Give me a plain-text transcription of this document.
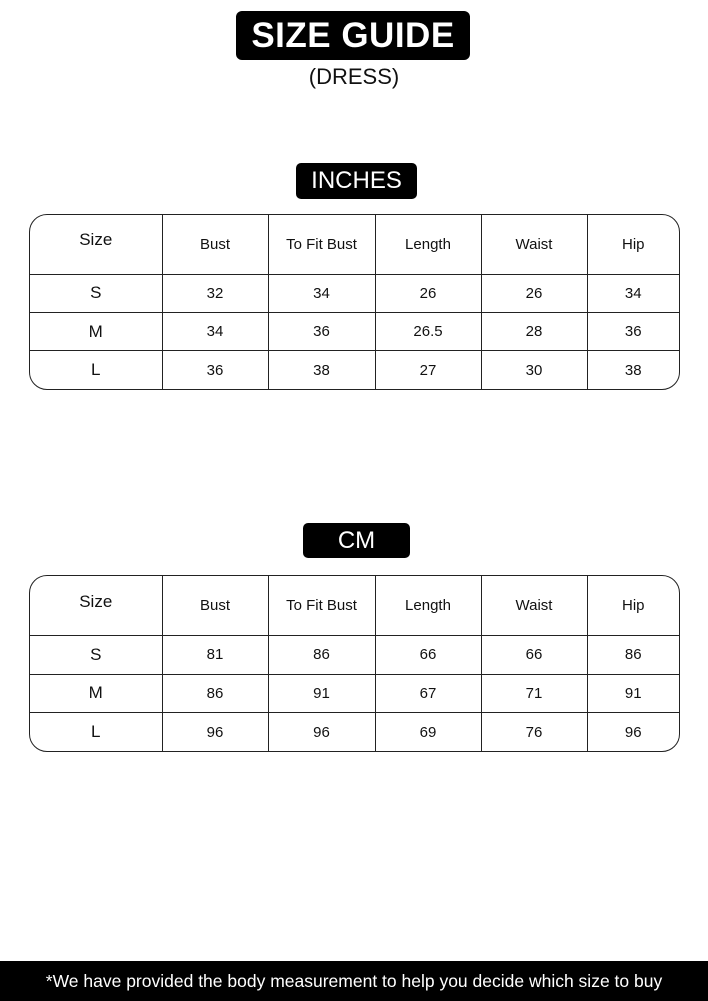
SIZE GUIDE
(DRESS)
INCHES
Size	Bust	To Fit Bust	Length	Waist	Hip
S	32	34	26	26	34
M	34	36	26.5	28	36
L	36	38	27	30	38
CM
Size	Bust	To Fit Bust	Length	Waist	Hip
S	81	86	66	66	86
M	86	91	67	71	91
L	96	96	69	76	96
*We have provided the body measurement to help you decide which size to buy
